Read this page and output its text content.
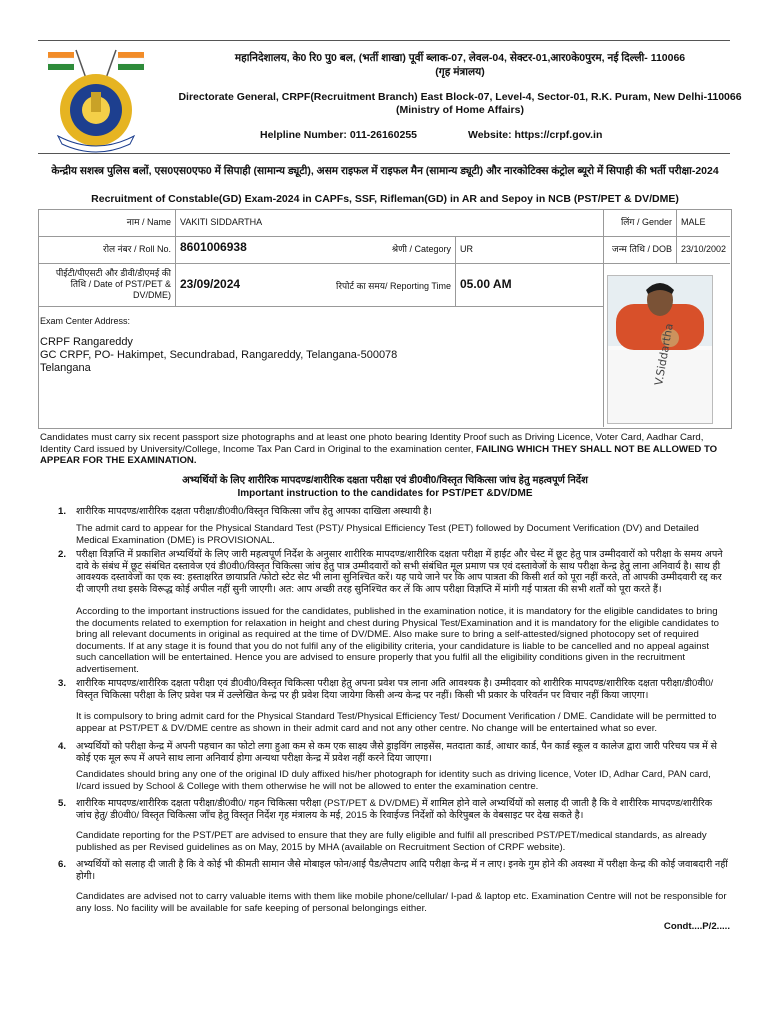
महानिदेशालय, के0 रि0 पु0 बल, (भर्ती शाखा) पूर्वी ब्लाक-07, लेवल-04, सेक्टर-01,आर0के0पुरम, नई दिल्ली- 110066
(गृह मंत्रालय)
Directorate General, CRPF(Recruitment Branch) East Block-07, Level-4, Sector-01, R.K. Puram, New Delhi-110066
(Ministry of Home Affairs)
Helpline Number: 011-26160255	Website: https://crpf.gov.in
केन्द्रीय सशस्त्र पुलिस बलों, एस0एस0एफ0 में सिपाही (सामान्य ड्यूटी), असम राइफल में राइफल मैन (सामान्य ड्यूटी) और नारकोटिक्स कंट्रोल ब्यूरो में सिपाही की भर्ती परीक्षा-2024
Recruitment of Constable(GD) Exam-2024 in CAPFs, SSF, Rifleman(GD) in AR and Sepoy in NCB (PST/PET & DV/DME)
नाम / Name VAKITI SIDDARTHA	लिंग / Gender MALE
रोल नंबर / Roll No. 8601006938	श्रेणी / Category UR	जन्म तिथि / DOB 23/10/2002
पीईटी/पीएसटी और डीवी/डीएमई की तिथि / Date of PST/PET & DV/DME)
23/09/2024	रिपोर्ट का समय/ Reporting Time 05.00 AM
Exam Center Address:
CRPF Rangareddy
GC CRPF, PO- Hakimpet, Secundrabad, Rangareddy, Telangana-500078
Telangana	V.Siddartha
Candidates must carry six recent passport size photographs and at least one photo bearing Identity Proof such as Driving Licence, Voter Card, Aadhar Card, Identity Card issued by University/College, Income Tax Pan Card in Original to the examination center, FAILING WHICH THEY SHALL NOT BE ALLOWED TO APPEAR FOR THE EXAMINATION.
अभ्यर्थियों के लिए शारीरिक मापदण्ड/शारीरिक दक्षता परीक्षा एवं डी0वी0/विस्तृत चिकित्सा जांच हेतु महत्वपूर्ण निर्देश
Important instruction to the candidates for PST/PET &DV/DME
1. शारीरिक मापदण्ड/शारीरिक दक्षता परीक्षा/डी0वी0/विस्तृत चिकित्सा जाँच हेतु आपका दाखिला अस्थायी है।
The admit card to appear for the Physical Standard Test (PST)/ Physical Efficiency Test (PET) followed by Document Verification (DV) and Detailed Medical Examination (DME) is PROVISIONAL.
2. परीक्षा विज्ञप्ति में प्रकाशित अभ्यर्थियों के लिए जारी महत्वपूर्ण निर्देश के अनुसार शारीरिक मापदण्ड/शारीरिक दक्षता परीक्षा में हाईट और चेस्ट में छूट हेतु पात्र उम्मीदवारों को परीक्षा के समय अपने दावे के संबंध में छूट संबंधित दस्तावेज एवं डी0वी0/विस्तृत चिकित्सा जांच हेतु पात्र उम्मीदवारों को सभी संबंधित मूल प्रमाण पत्र एवं दस्तावेजों के साथ परीक्षा केन्द्र हेतु लाना अनिवार्य है। साथ ही आवश्यक दस्तावेजों का एक स्व: हस्ताक्षरित छायाप्रति /फोटो स्टेट सेट भी लाना सुनिश्चित करें। यह पाये जाने पर कि आप पात्रता की किसी शर्त को पूरा नहीं करते, तो आपकी उम्मीदवारी रद्द कर दी जाएगी तथा इसके विरूद्ध कोई अपील नहीं सुनी जाएगी। अत: आप अच्छी तरह सुनिश्चित कर लें कि आप परीक्षा विज्ञप्ति में मांगी गई पात्रता की सभी शर्तों को पूरा करते हैं।
According to the important instructions issued for the candidates, published in the examination notice, it is mandatory for the eligible candidates to bring the documents related to exemption for relaxation in height and chest during Physical Test/Examination and it is mandatory for the eligible candidates to bring all relevant documents in original as required at the time of DV/DME. Also make sure to bring a self-attested/signed photocopy set of required documents. If at any stage it is found that you do not fulfil any of the eligibility criteria, your candidature is liable to be cancelled and no appeal against such cancellation will be entertained. Hence you are advised to ensure properly that you fulfil all the eligibility conditions given in the recruitment advertisement.
3. शारीरिक मापदण्ड/शारीरिक दक्षता परीक्षा एवं डी0वी0/विस्तृत चिकित्सा परीक्षा हेतु अपना प्रवेश पत्र लाना अति आवश्यक है। उम्मीदवार को शारीरिक मापदण्ड/शारीरिक दक्षता परीक्षा/डी0वी0/विस्तृत चिकित्सा परीक्षा के लिए प्रवेश पत्र में उल्लेखित केन्द्र पर ही प्रवेश दिया जायेगा किसी अन्य केन्द्र पर नहीं। किसी भी प्रकार के परिवर्तन पर विचार नहीं किया जाएगा।
It is compulsory to bring admit card for the Physical Standard Test/Physical Efficiency Test/ Document Verification / DME. Candidate will be permitted to appear at PST/PET & DV/DME centre as shown in their admit card and not any other centre. No change will be entertained what so ever.
4. अभ्यर्थियों को परीक्षा केन्द्र में अपनी पहचान का फोटो लगा हुआ कम से कम एक साक्ष्य जैसे ड्राइविंग लाइसेंस, मतदाता कार्ड, आधार कार्ड, पैन कार्ड स्कूल व कालेज द्वारा जारी परिचय पत्र में से कोई एक मूल रूप में अपने साथ लाना अनिवार्य होगा अन्यथा परीक्षा केन्द्र में प्रवेश नहीं करने दिया जाएगा।
Candidates should bring any one of the original ID duly affixed his/her photograph for identity such as driving licence, Voter ID, Adhar Card, PAN card, I/card issued by School & College with them otherwise he will not be allowed to enter the examination centre.
5. शारीरिक मापदण्ड/शारीरिक दक्षता परीक्षा/डी0वी0/ गहन चिकित्सा परीक्षा (PST/PET & DV/DME) में शामिल होने वाले अभ्यर्थियों को सलाह दी जाती है कि वे शारीरिक मापदण्ड/शारीरिक जांच हेतु/ डी0वी0/ विस्तृत चिकित्सा जाँच हेतु विस्तृत निर्देश गृह मंत्रालय के मई, 2015 के रिवाईज्ड निर्देशों को केरिपुबल के वेबसाइट पर देख सकते है।
Candidate reporting for the PST/PET are advised to ensure that they are fully eligible and fulfil all prescribed PST/PET/medical standards, as already published as per Revised guidelines as on May, 2015 by MHA (available on Recruitment Section of CRPF website).
6. अभ्यर्थियों को सलाह दी जाती है कि वे कोई भी कीमती सामान जैसे मोबाइल फोन/आई पैड/लैपटाप आदि परीक्षा केन्द्र में न लाए। इनके गुम होने की अवस्था में परीक्षा केन्द्र की कोई जवाबदारी नहीं होगी।
Candidates are advised not to carry valuable items with them like mobile phone/cellular/ I-pad & laptop etc. Examination Centre will not be responsible for any loss. No facility will be available for safe keeping of personal belongings either.
Condt....P/2.....
